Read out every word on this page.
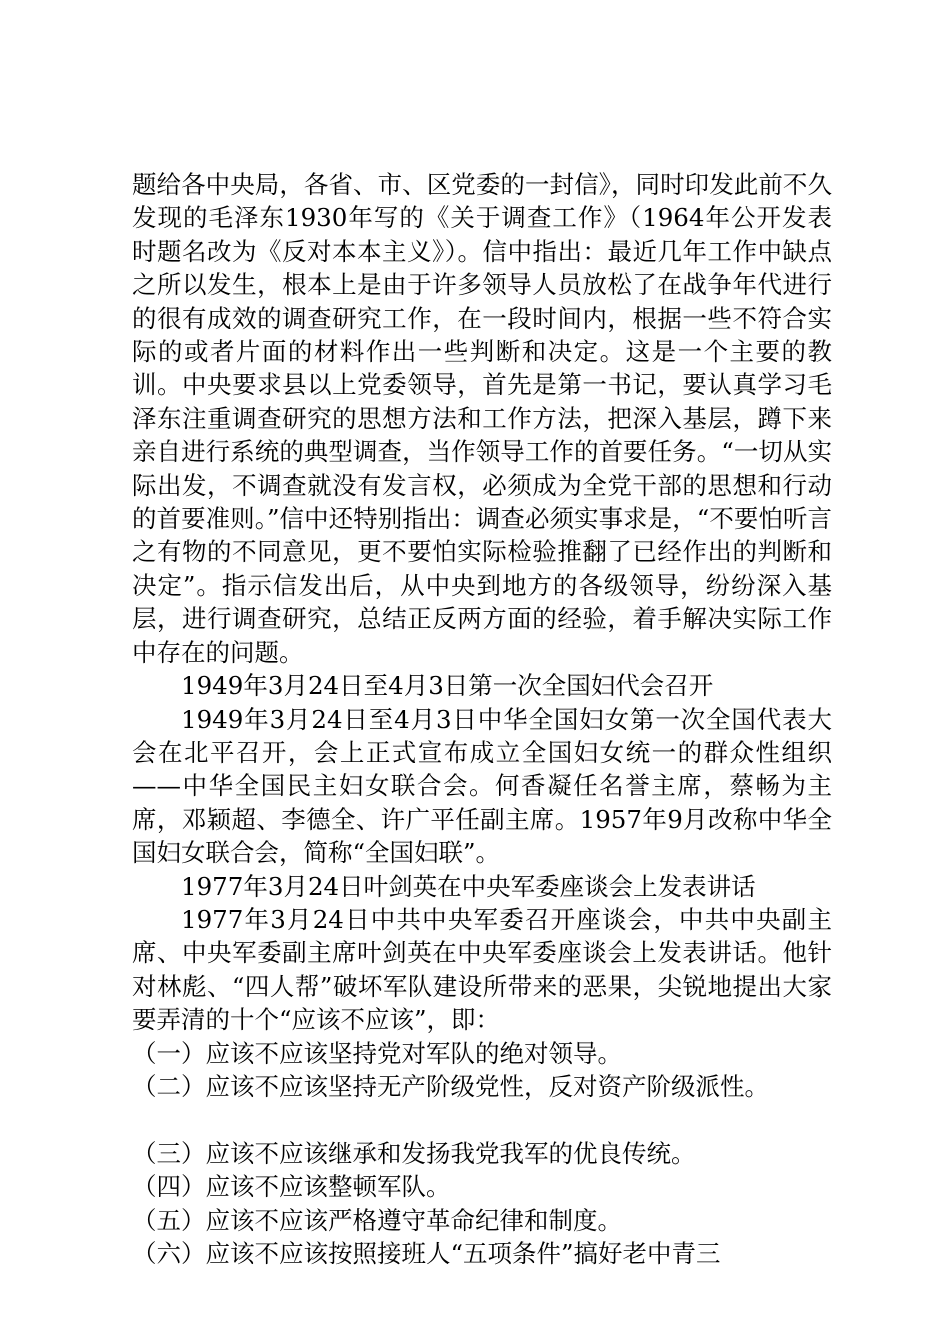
题给各中央局，各省、市、区党委的一封信》，同时印发此前不久发现的毛泽东1930年写的《关于调查工作》（1964年公开发表时题名改为《反对本本主义》）。信中指出：最近几年工作中缺点之所以发生，根本上是由于许多领导人员放松了在战争年代进行的很有成效的调查研究工作，在一段时间内，根据一些不符合实际的或者片面的材料作出一些判断和决定。这是一个主要的教训。中央要求县以上党委领导，首先是第一书记，要认真学习毛泽东注重调查研究的思想方法和工作方法，把深入基层，蹲下来亲自进行系统的典型调查，当作领导工作的首要任务。“一切从实际出发，不调查就没有发言权，必须成为全党干部的思想和行动的首要准则。”信中还特别指出：调查必须实事求是，“不要怕听言之有物的不同意见，更不要怕实际检验推翻了已经作出的判断和决定”。指示信发出后，从中央到地方的各级领导，纷纷深入基层，进行调查研究，总结正反两方面的经验，着手解决实际工作中存在的问题。

1949年3月24日至4月3日第一次全国妇代会召开

1949年3月24日至4月3日中华全国妇女第一次全国代表大会在北平召开，会上正式宣布成立全国妇女统一的群众性组织——中华全国民主妇女联合会。何香凝任名誉主席，蔡畅为主席，邓颖超、李德全、许广平任副主席。1957年9月改称中华全国妇女联合会，简称“全国妇联”。

1977年3月24日叶剑英在中央军委座谈会上发表讲话

1977年3月24日中共中央军委召开座谈会，中共中央副主席、中央军委副主席叶剑英在中央军委座谈会上发表讲话。他针对林彪、“四人帮”破坏军队建设所带来的恶果，尖锐地提出大家要弄清的十个“应该不应该”，即：

（一）应该不应该坚持党对军队的绝对领导。

（二）应该不应该坚持无产阶级党性，反对资产阶级派性。

（三）应该不应该继承和发扬我党我军的优良传统。

（四）应该不应该整顿军队。

（五）应该不应该严格遵守革命纪律和制度。

（六）应该不应该按照接班人“五项条件”搞好老中青三
